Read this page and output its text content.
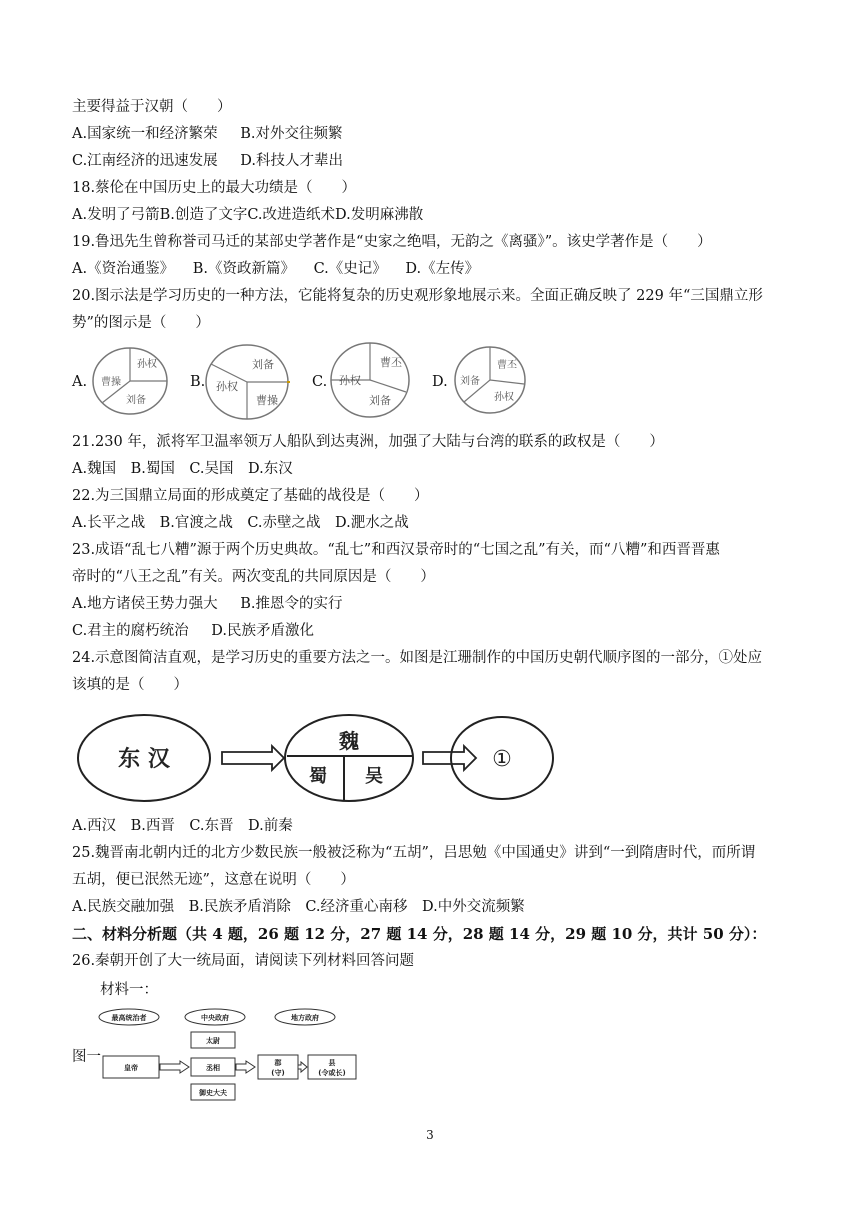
主要得益于汉朝（　　）
A.国家统一和经济繁荣 B.对外交往频繁
C.江南经济的迅速发展 D.科技人才辈出
18.蔡伦在中国历史上的最大功绩是（　　）
A.发明了弓箭B.创造了文字C.改进造纸术D.发明麻沸散
19.鲁迅先生曾称誉司马迁的某部史学著作是“史家之绝唱，无韵之《离骚》”。该史学著作是（　　）
A.《资治通鉴》 B.《资政新篇》 C.《史记》 D.《左传》
20.图示法是学习历史的一种方法，它能将复杂的历史观形象地展示来。全面正确反映了 229 年“三国鼎立形
势”的图示是（　　）
A.
孙权
曹操
刘备
B.
刘备
孙权
曹操
C.
曹丕
孙权
刘备
D.
曹丕
刘备
孙权
21.230 年，派将军卫温率领万人船队到达夷洲，加强了大陆与台湾的联系的政权是（　　）
A.魏国　B.蜀国　C.吴国　D.东汉
22.为三国鼎立局面的形成奠定了基础的战役是（　　）
A.长平之战　B.官渡之战　C.赤壁之战　D.淝水之战
23.成语“乱七八糟”源于两个历史典故。“乱七”和西汉景帝时的“七国之乱”有关，而“八糟”和西晋晋惠
帝时的“八王之乱”有关。两次变乱的共同原因是（　　）
A.地方诸侯王势力强大 B.推恩令的实行
C.君主的腐朽统治 D.民族矛盾激化
24.示意图简洁直观，是学习历史的重要方法之一。如图是江珊制作的中国历史朝代顺序图的一部分，①处应
该填的是（　　）
东 汉
魏
蜀 吴
①
A.西汉　B.西晋　C.东晋　D.前秦
25.魏晋南北朝内迁的北方少数民族一般被泛称为“五胡”，吕思勉《中国通史》讲到“一到隋唐时代，而所谓
五胡，便已泯然无迹”，这意在说明（　　）
A.民族交融加强　B.民族矛盾消除　C.经济重心南移　D.中外交流频繁
二、材料分析题（共 4 题，26 题 12 分，27 题 14 分，28 题 14 分，29 题 10 分，共计 50 分）：
26.秦朝开创了大一统局面，请阅读下列材料回答问题
材料一：
图一
最高统治者	中央政府	地方政府
皇帝
太尉
丞相
御史大夫
郡
(守)
县
(令或长)
3
